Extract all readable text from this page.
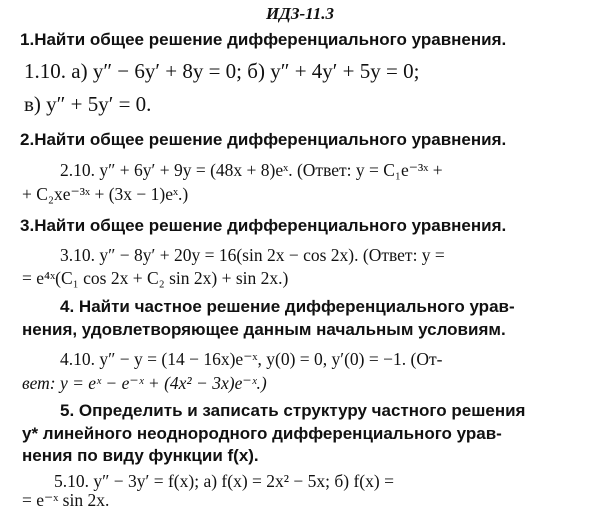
ИДЗ-11.3
1.Найти общее решение дифференциального уравнения.
1.10. а) y″ − 6y′ + 8y = 0; б) y″ + 4y′ + 5y = 0;
в) y″ + 5y′ = 0.
2.Найти общее решение дифференциального уравнения.
2.10. y″ + 6y′ + 9y = (48x + 8)eˣ. (Ответ: y = C₁e⁻³ˣ +
+ C₂xe⁻³ˣ + (3x − 1)eˣ.)
3.Найти общее решение дифференциального уравнения.
3.10. y″ − 8y′ + 20y = 16(sin 2x − cos 2x). (Ответ: y =
= e⁴ˣ(C₁ cos 2x + C₂ sin 2x) + sin 2x.)
4. Найти частное решение дифференциального урав-
нения, удовлетворяющее данным начальным условиям.
4.10. y″ − y = (14 − 16x)e⁻ˣ, y(0) = 0, y′(0) = −1. (От-
вет: y = eˣ − e⁻ˣ + (4x² − 3x)e⁻ˣ.)
5. Определить и записать структуру частного решения
y* линейного неоднородного дифференциального урав-
нения по виду функции f(x).
5.10. y″ − 3y′ = f(x); а) f(x) = 2x² − 5x; б) f(x) =
= e⁻ˣ sin 2x.
